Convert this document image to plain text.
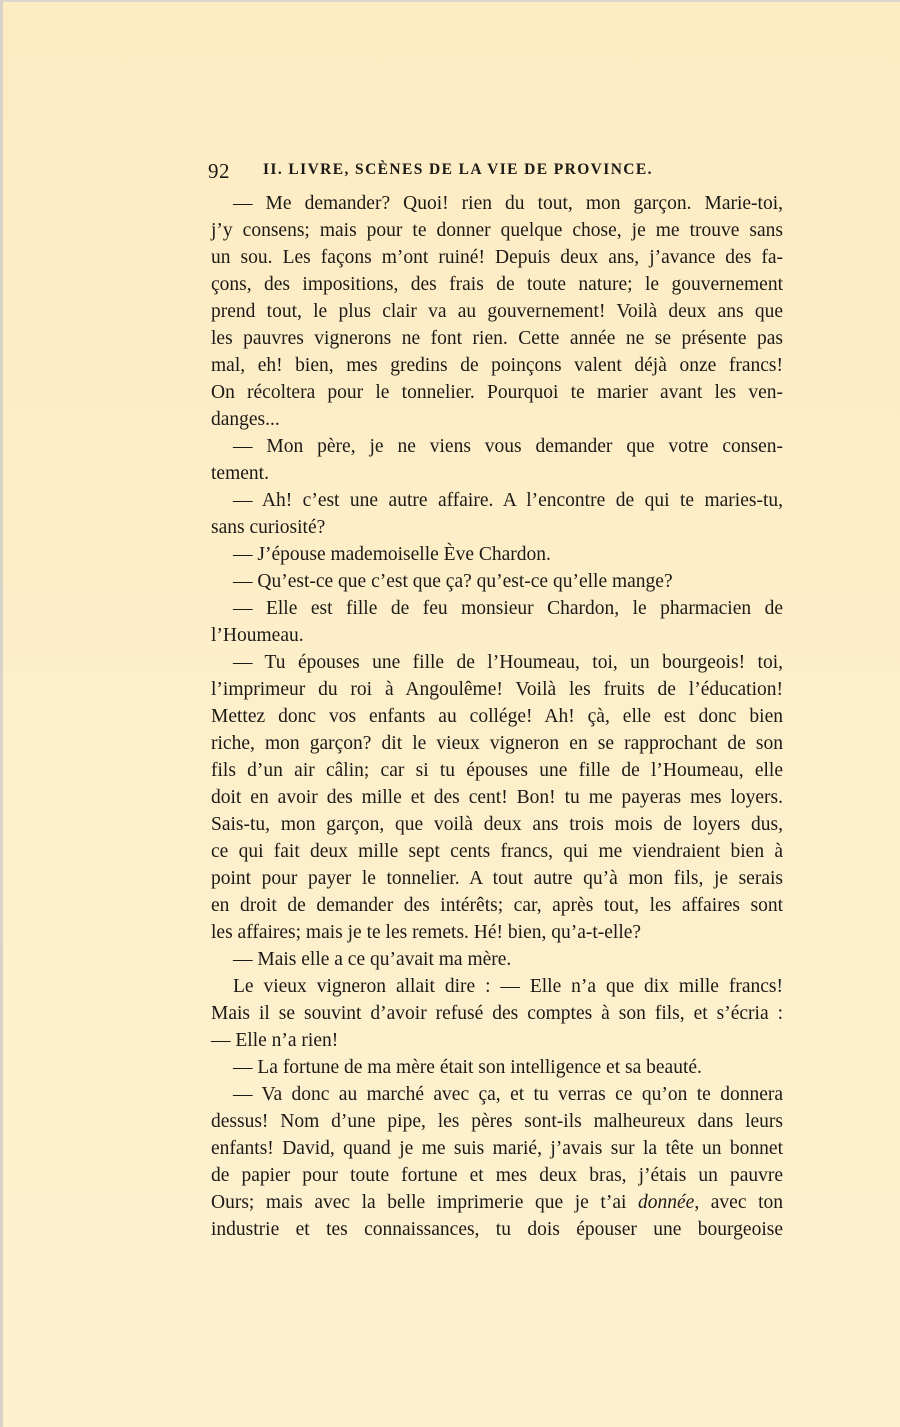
92 II. LIVRE, SCÈNES DE LA VIE DE PROVINCE.
— Me demander? Quoi! rien du tout, mon garçon. Marie-toi,
j’y consens; mais pour te donner quelque chose, je me trouve sans
un sou. Les façons m’ont ruiné! Depuis deux ans, j’avance des fa-
çons, des impositions, des frais de toute nature; le gouvernement
prend tout, le plus clair va au gouvernement! Voilà deux ans que
les pauvres vignerons ne font rien. Cette année ne se présente pas
mal, eh! bien, mes gredins de poinçons valent déjà onze francs!
On récoltera pour le tonnelier. Pourquoi te marier avant les ven-
danges...
— Mon père, je ne viens vous demander que votre consen-
tement.
— Ah! c’est une autre affaire. A l’encontre de qui te maries-tu,
sans curiosité?
— J’épouse mademoiselle Ève Chardon.
— Qu’est-ce que c’est que ça? qu’est-ce qu’elle mange?
— Elle est fille de feu monsieur Chardon, le pharmacien de
l’Houmeau.
— Tu épouses une fille de l’Houmeau, toi, un bourgeois! toi,
l’imprimeur du roi à Angoulême! Voilà les fruits de l’éducation!
Mettez donc vos enfants au collége! Ah! çà, elle est donc bien
riche, mon garçon? dit le vieux vigneron en se rapprochant de son
fils d’un air câlin; car si tu épouses une fille de l’Houmeau, elle
doit en avoir des mille et des cent! Bon! tu me payeras mes loyers.
Sais-tu, mon garçon, que voilà deux ans trois mois de loyers dus,
ce qui fait deux mille sept cents francs, qui me viendraient bien à
point pour payer le tonnelier. A tout autre qu’à mon fils, je serais
en droit de demander des intérêts; car, après tout, les affaires sont
les affaires; mais je te les remets. Hé! bien, qu’a-t-elle?
— Mais elle a ce qu’avait ma mère.
Le vieux vigneron allait dire : — Elle n’a que dix mille francs!
Mais il se souvint d’avoir refusé des comptes à son fils, et s’écria :
— Elle n’a rien!
— La fortune de ma mère était son intelligence et sa beauté.
— Va donc au marché avec ça, et tu verras ce qu’on te donnera
dessus! Nom d’une pipe, les pères sont-ils malheureux dans leurs
enfants! David, quand je me suis marié, j’avais sur la tête un bonnet
de papier pour toute fortune et mes deux bras, j’étais un pauvre
Ours; mais avec la belle imprimerie que je t’ai donnée, avec ton
industrie et tes connaissances, tu dois épouser une bourgeoise
